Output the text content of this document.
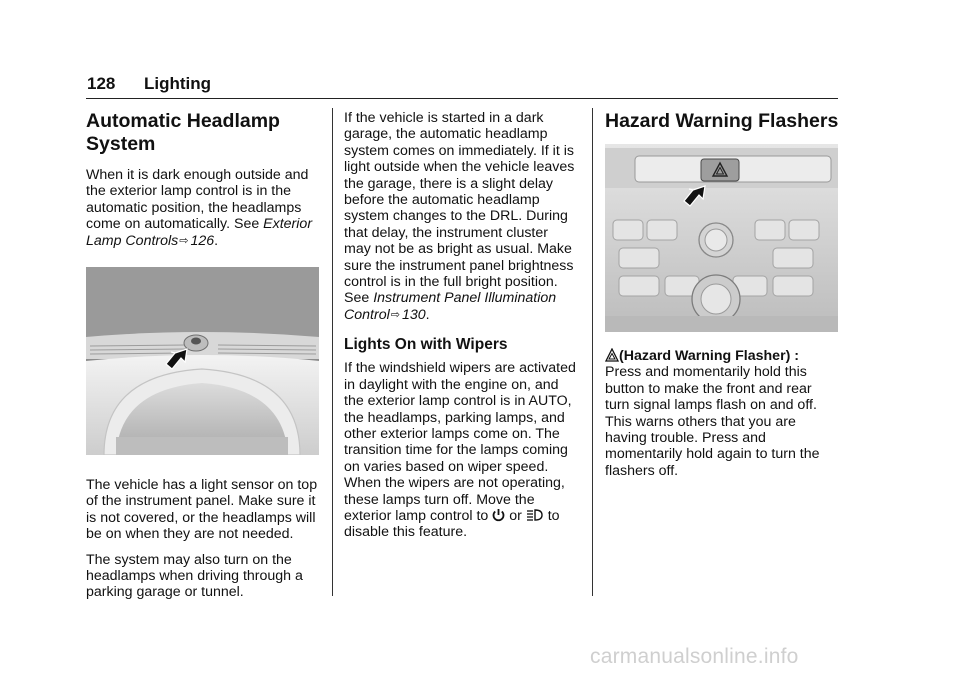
128 Lighting
Automatic Headlamp System

When it is dark enough outside and the exterior lamp control is in the automatic position, the headlamps come on automatically. See Exterior Lamp Controls⇨ 126.

The vehicle has a light sensor on top of the instrument panel. Make sure it is not covered, or the headlamps will be on when they are not needed.

The system may also turn on the headlamps when driving through a parking garage or tunnel.

If the vehicle is started in a dark garage, the automatic headlamp system comes on immediately. If it is light outside when the vehicle leaves the garage, there is a slight delay before the automatic headlamp system changes to the DRL. During that delay, the instrument cluster may not be as bright as usual. Make sure the instrument panel brightness control is in the full bright position. See Instrument Panel Illumination Control⇨ 130.

Lights On with Wipers

If the windshield wipers are activated in daylight with the engine on, and the exterior lamp control is in AUTO, the headlamps, parking lamps, and other exterior lamps come on. The transition time for the lamps coming on varies based on wiper speed. When the wipers are not operating, these lamps turn off. Move the exterior lamp control to  or  to disable this feature.

Hazard Warning Flashers

(Hazard Warning Flasher) :
Press and momentarily hold this button to make the front and rear turn signal lamps flash on and off. This warns others that you are having trouble. Press and momentarily hold again to turn the flashers off.

carmanualsonline.info
